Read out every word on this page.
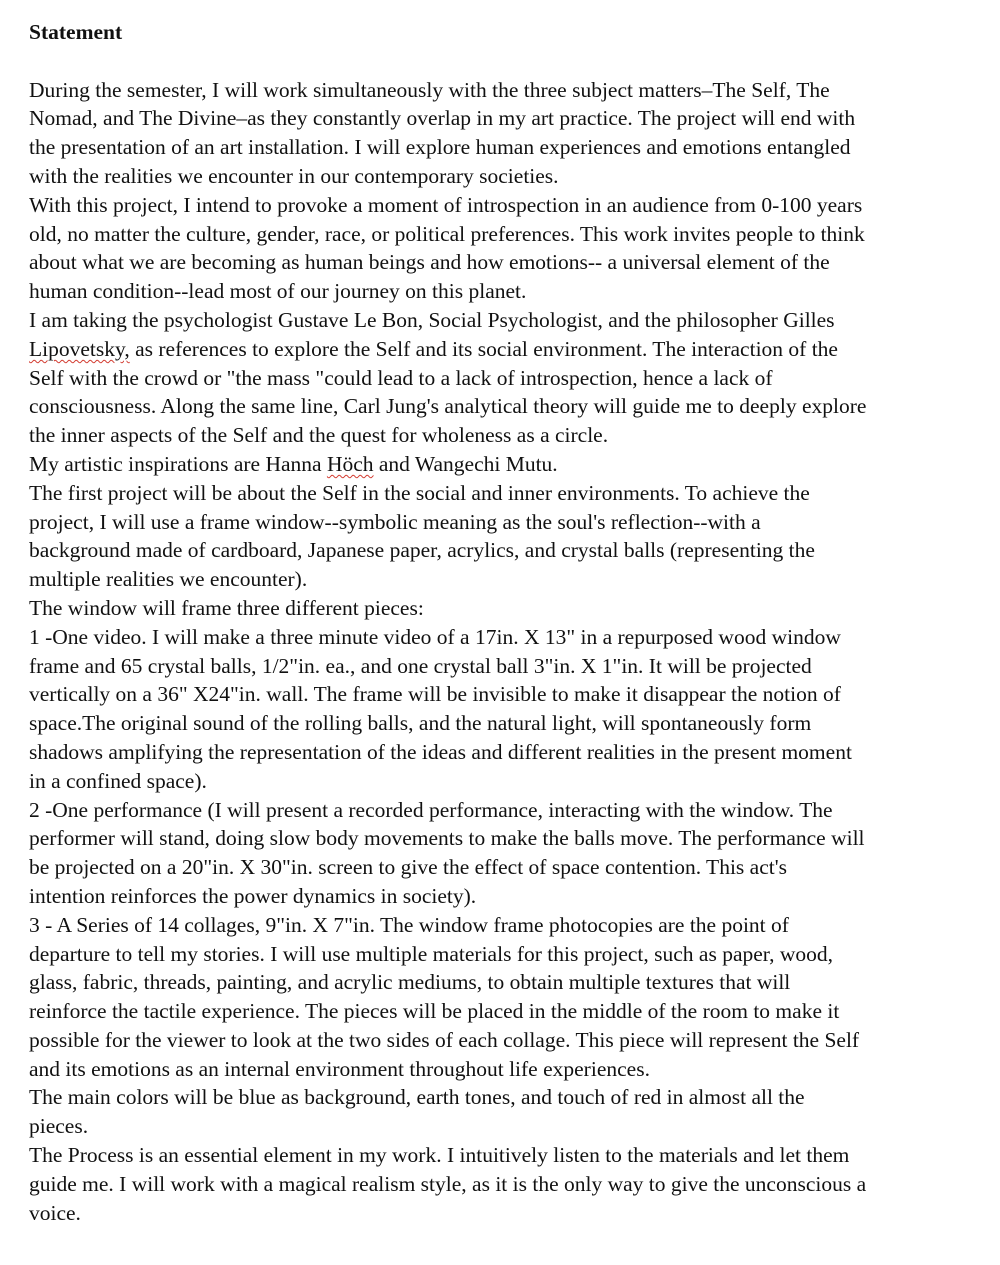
Statement

During the semester, I will work simultaneously with the three subject matters–The Self, The
Nomad, and The Divine–as they constantly overlap in my art practice. The project will end with
the presentation of an art installation. I will explore human experiences and emotions entangled
with the realities we encounter in our contemporary societies.

With this project, I intend to provoke a moment of introspection in an audience from 0-100 years
old, no matter the culture, gender, race, or political preferences. This work invites people to think
about what we are becoming as human beings and how emotions-- a universal element of the
human condition--lead most of our journey on this planet.

I am taking the psychologist Gustave Le Bon, Social Psychologist, and the philosopher Gilles
Lipovetsky, as references to explore the Self and its social environment. The interaction of the
Self with the crowd or "the mass "could lead to a lack of introspection, hence a lack of
consciousness. Along the same line, Carl Jung's analytical theory will guide me to deeply explore
the inner aspects of the Self and the quest for wholeness as a circle.

My artistic inspirations are Hanna Höch and Wangechi Mutu.

The first project will be about the Self in the social and inner environments. To achieve the
project, I will use a frame window--symbolic meaning as the soul's reflection--with a
background made of cardboard, Japanese paper, acrylics, and crystal balls (representing the
multiple realities we encounter).

The window will frame three different pieces:

1 -One video. I will make a three minute video of a 17in. X 13" in a repurposed wood window
frame and 65 crystal balls, 1/2"in. ea., and one crystal ball 3"in. X 1"in. It will be projected
vertically on a 36" X24"in. wall. The frame will be invisible to make it disappear the notion of
space.The original sound of the rolling balls, and the natural light, will spontaneously form
shadows amplifying the representation of the ideas and different realities in the present moment
in a confined space).

2 -One performance (I will present a recorded performance, interacting with the window. The
performer will stand, doing slow body movements to make the balls move. The performance will
be projected on a 20"in. X 30"in. screen to give the effect of space contention. This act's
intention reinforces the power dynamics in society).

3 - A Series of 14 collages, 9"in. X 7"in. The window frame photocopies are the point of
departure to tell my stories. I will use multiple materials for this project, such as paper, wood,
glass, fabric, threads, painting, and acrylic mediums, to obtain multiple textures that will
reinforce the tactile experience. The pieces will be placed in the middle of the room to make it
possible for the viewer to look at the two sides of each collage. This piece will represent the Self
and its emotions as an internal environment throughout life experiences.

The main colors will be blue as background, earth tones, and touch of red in almost all the
pieces.

The Process is an essential element in my work. I intuitively listen to the materials and let them
guide me. I will work with a magical realism style, as it is the only way to give the unconscious a
voice.
